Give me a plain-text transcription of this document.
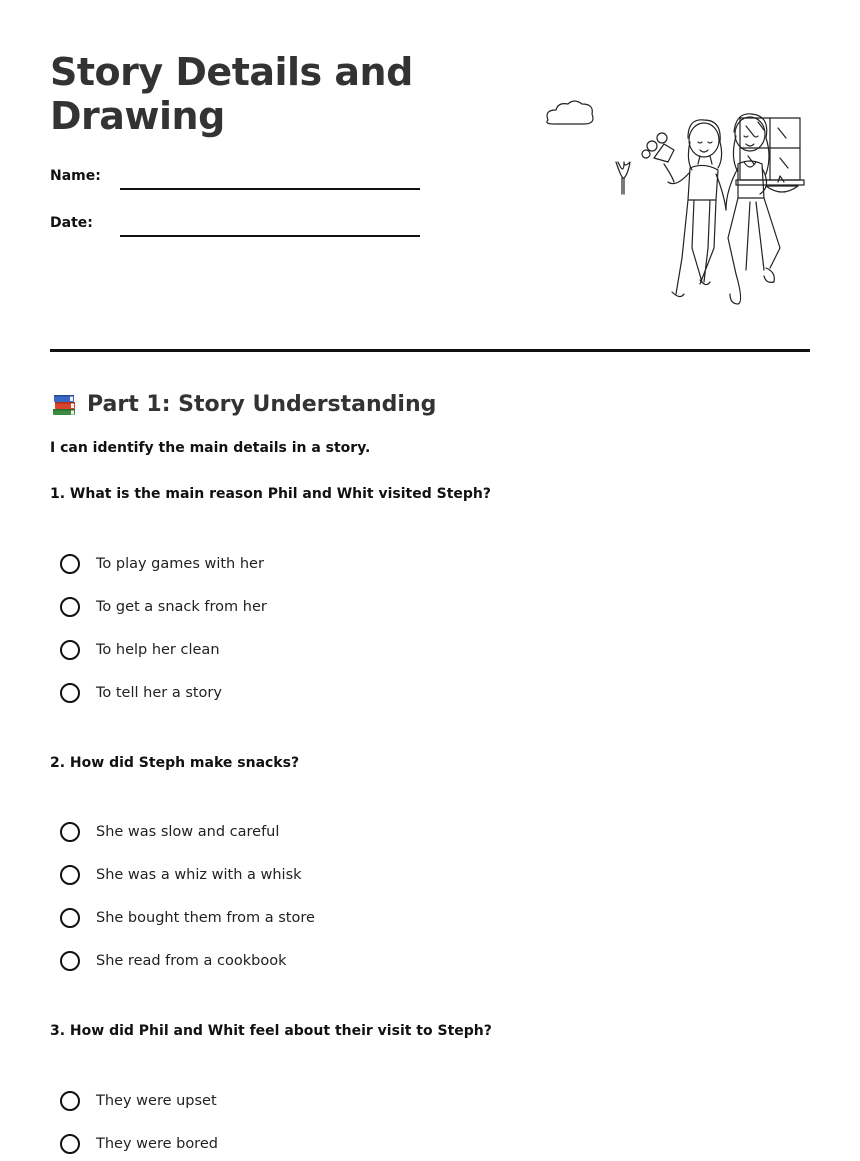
Story Details and Drawing
Name:
Date:
Part 1: Story Understanding
I can identify the main details in a story.
1. What is the main reason Phil and Whit visited Steph?
To play games with her
To get a snack from her
To help her clean
To tell her a story
2. How did Steph make snacks?
She was slow and careful
She was a whiz with a whisk
She bought them from a store
She read from a cookbook
3. How did Phil and Whit feel about their visit to Steph?
They were upset
They were bored
